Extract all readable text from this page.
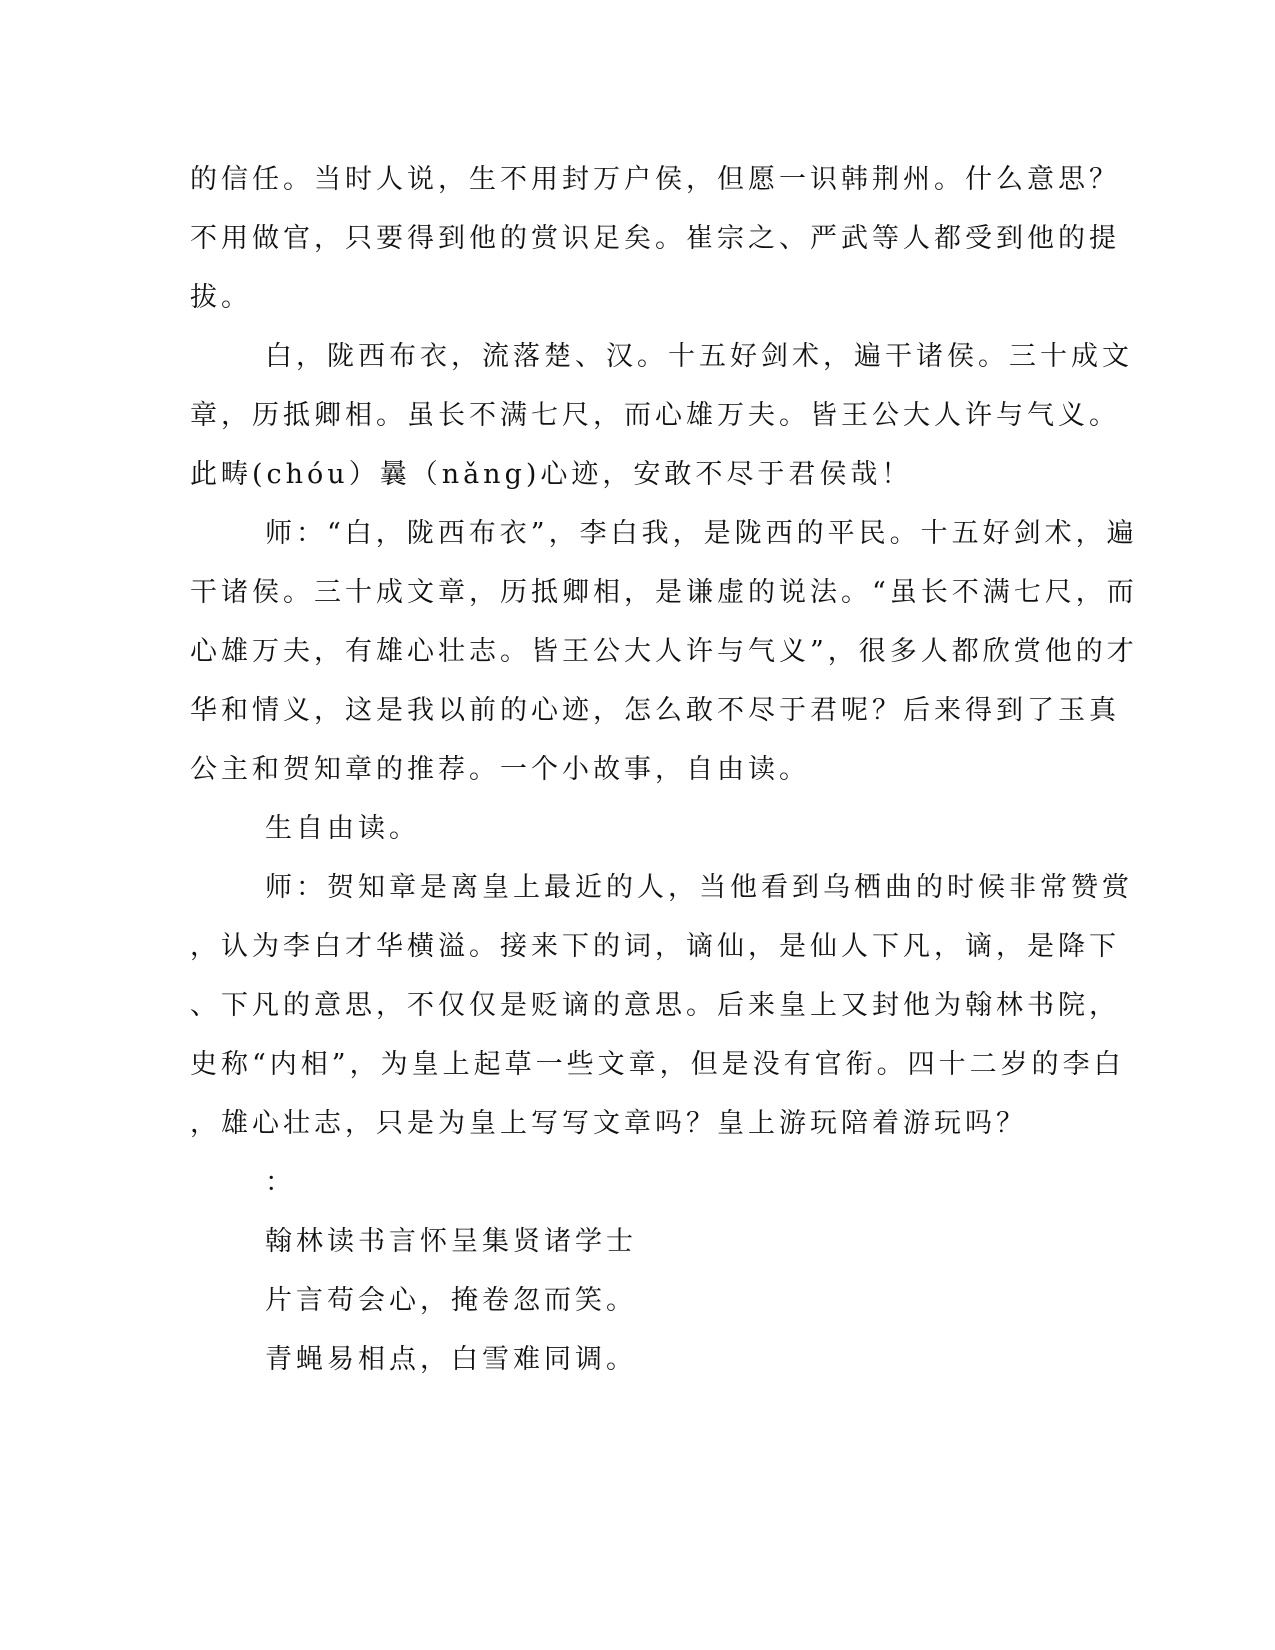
的信任。当时人说，生不用封万户侯，但愿一识韩荆州。什么意思？
不用做官，只要得到他的赏识足矣。崔宗之、严武等人都受到他的提
拔。
白，陇西布衣，流落楚、汉。十五好剑术，遍干诸侯。三十成文
章，历抵卿相。虽长不满七尺，而心雄万夫。皆王公大人许与气义。
此畴(chóu）曩（nǎng)心迹，安敢不尽于君侯哉！
师：“白，陇西布衣”，李白我，是陇西的平民。十五好剑术，遍
干诸侯。三十成文章，历抵卿相，是谦虚的说法。“虽长不满七尺，而
心雄万夫，有雄心壮志。皆王公大人许与气义”，很多人都欣赏他的才
华和情义，这是我以前的心迹，怎么敢不尽于君呢？后来得到了玉真
公主和贺知章的推荐。一个小故事，自由读。
生自由读。
师：贺知章是离皇上最近的人，当他看到乌栖曲的时候非常赞赏
，认为李白才华横溢。接来下的词，谪仙，是仙人下凡，谪，是降下
、下凡的意思，不仅仅是贬谪的意思。后来皇上又封他为翰林书院，
史称“内相”，为皇上起草一些文章，但是没有官衔。四十二岁的李白
，雄心壮志，只是为皇上写写文章吗？皇上游玩陪着游玩吗？
：
翰林读书言怀呈集贤诸学士
片言苟会心，掩卷忽而笑。
青蝇易相点，白雪难同调。
